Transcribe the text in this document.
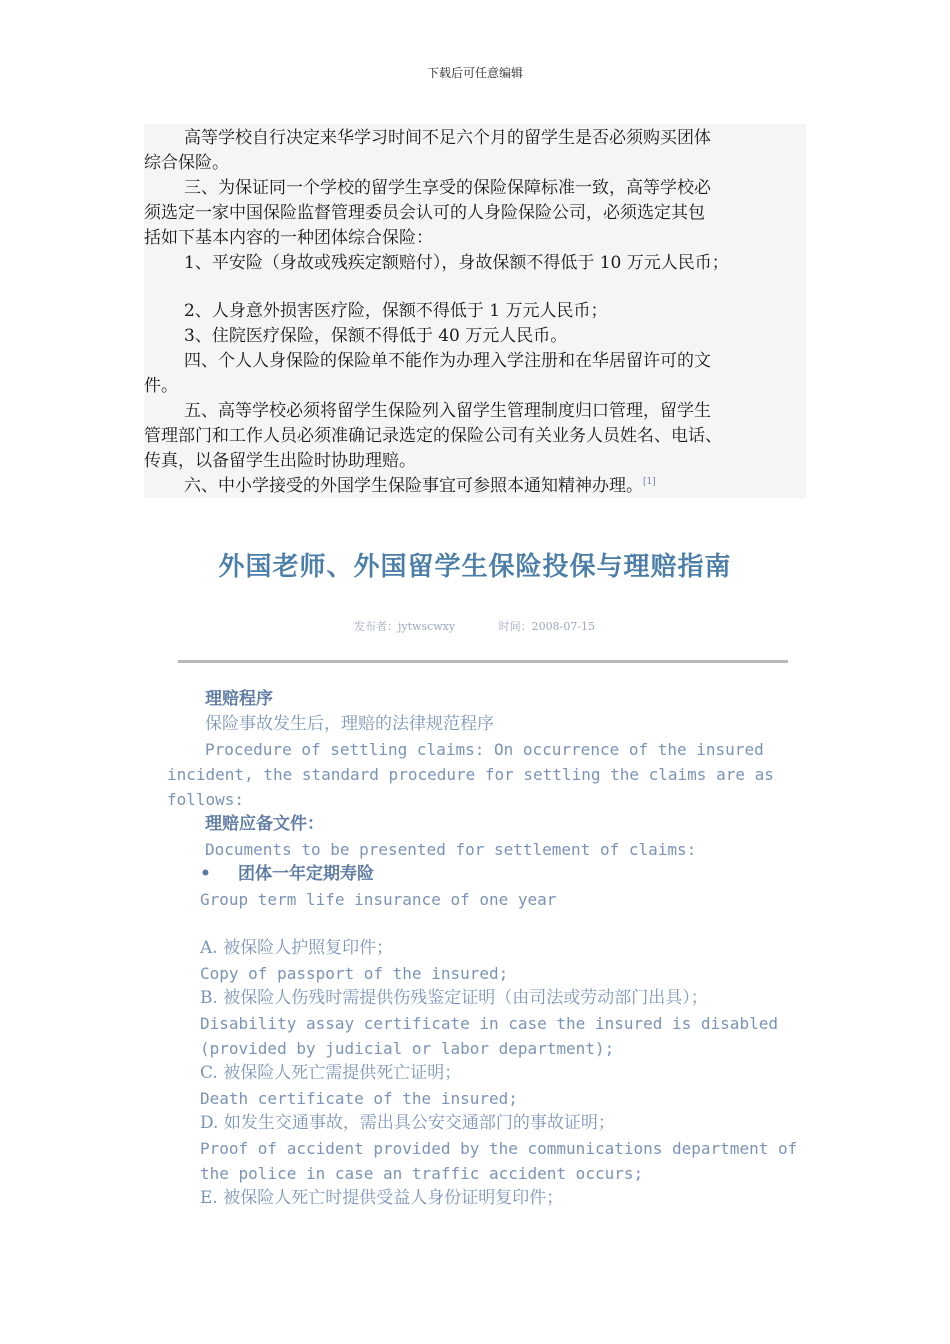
下载后可任意编辑
高等学校自行决定来华学习时间不足六个月的留学生是否必须购买团体
综合保险。
三、为保证同一个学校的留学生享受的保险保障标准一致，高等学校必
须选定一家中国保险监督管理委员会认可的人身险保险公司，必须选定其包
括如下基本内容的一种团体综合保险：
1、平安险（身故或残疾定额赔付），身故保额不得低于 10 万元人民币；
2、人身意外损害医疗险，保额不得低于 1 万元人民币；
3、住院医疗保险，保额不得低于 40 万元人民币。
四、个人人身保险的保险单不能作为办理入学注册和在华居留许可的文
件。
五、高等学校必须将留学生保险列入留学生管理制度归口管理，留学生
管理部门和工作人员必须准确记录选定的保险公司有关业务人员姓名、电话、
传真，以备留学生出险时协助理赔。
六、中小学接受的外国学生保险事宜可参照本通知精神办理。[1]
外国老师、外国留学生保险投保与理赔指南
发布者：jytwscwxy	时间：2008-07-15
理赔程序
保险事故发生后，理赔的法律规范程序
Procedure of settling claims: On occurrence of the insured
incident, the standard procedure for settling the claims are as
follows:
理赔应备文件：
Documents to be presented for settlement of claims:
• 团体一年定期寿险
Group term life insurance of one year
A. 被保险人护照复印件；
Copy of passport of the insured;
B. 被保险人伤残时需提供伤残鉴定证明（由司法或劳动部门出具）；
Disability assay certificate in case the insured is disabled
(provided by judicial or labor department);
C. 被保险人死亡需提供死亡证明；
Death certificate of the insured;
D. 如发生交通事故，需出具公安交通部门的事故证明；
Proof of accident provided by the communications department of
the police in case an traffic accident occurs;
E. 被保险人死亡时提供受益人身份证明复印件；
